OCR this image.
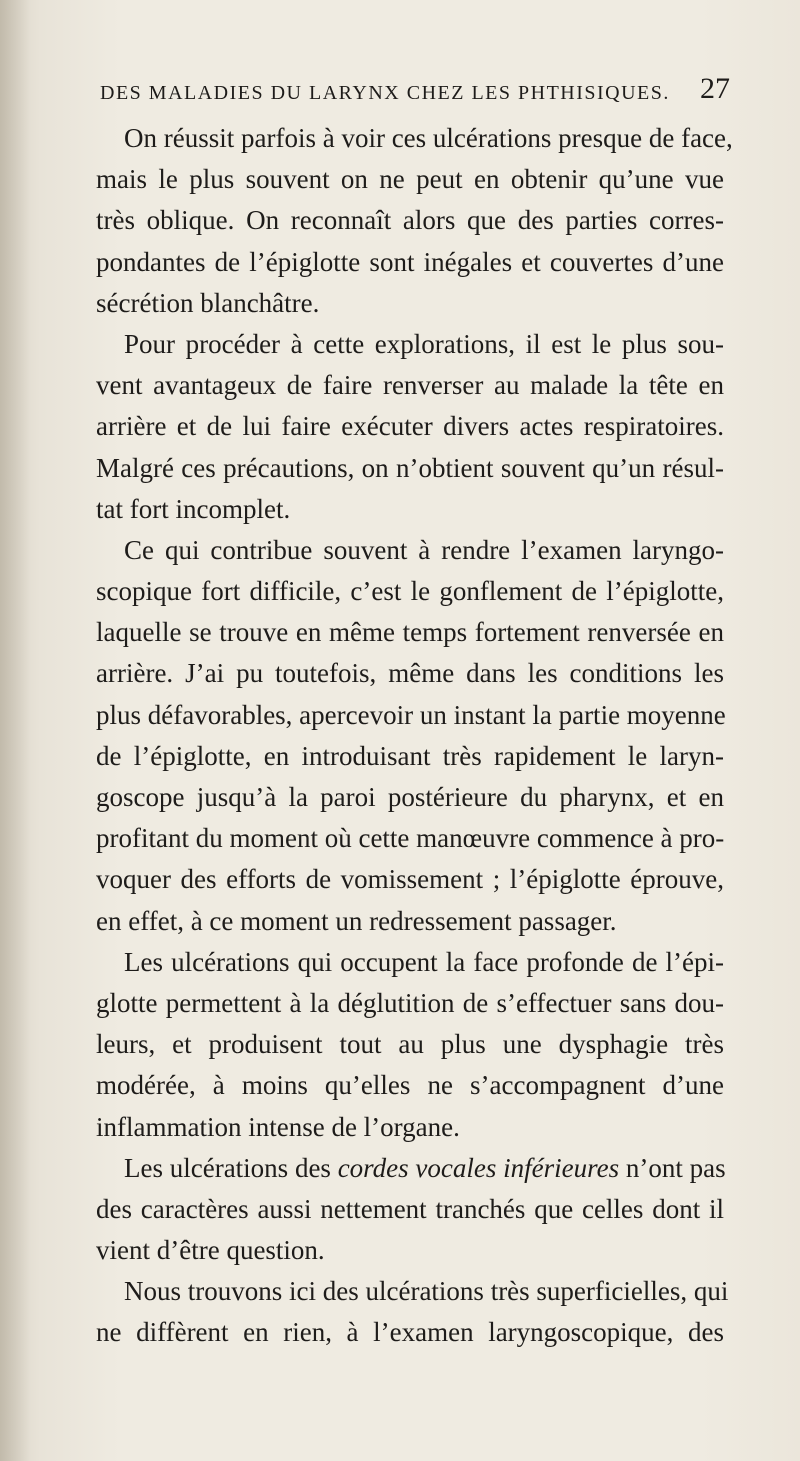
DES MALADIES DU LARYNX CHEZ LES PHTHISIQUES. 27
On réussit parfois à voir ces ulcérations presque de face,
mais le plus souvent on ne peut en obtenir qu’une vue
très oblique. On reconnaît alors que des parties corres-
pondantes de l’épiglotte sont inégales et couvertes d’une
sécrétion blanchâtre.
Pour procéder à cette explorations, il est le plus sou-
vent avantageux de faire renverser au malade la tête en
arrière et de lui faire exécuter divers actes respiratoires.
Malgré ces précautions, on n’obtient souvent qu’un résul-
tat fort incomplet.
Ce qui contribue souvent à rendre l’examen laryngo-
scopique fort difficile, c’est le gonflement de l’épiglotte,
laquelle se trouve en même temps fortement renversée en
arrière. J’ai pu toutefois, même dans les conditions les
plus défavorables, apercevoir un instant la partie moyenne
de l’épiglotte, en introduisant très rapidement le laryn-
goscope jusqu’à la paroi postérieure du pharynx, et en
profitant du moment où cette manœuvre commence à pro-
voquer des efforts de vomissement ; l’épiglotte éprouve,
en effet, à ce moment un redressement passager.
Les ulcérations qui occupent la face profonde de l’épi-
glotte permettent à la déglutition de s’effectuer sans dou-
leurs, et produisent tout au plus une dysphagie très
modérée, à moins qu’elles ne s’accompagnent d’une
inflammation intense de l’organe.
Les ulcérations des cordes vocales inférieures n’ont pas
des caractères aussi nettement tranchés que celles dont il
vient d’être question.
Nous trouvons ici des ulcérations très superficielles, qui
ne diffèrent en rien, à l’examen laryngoscopique, des
